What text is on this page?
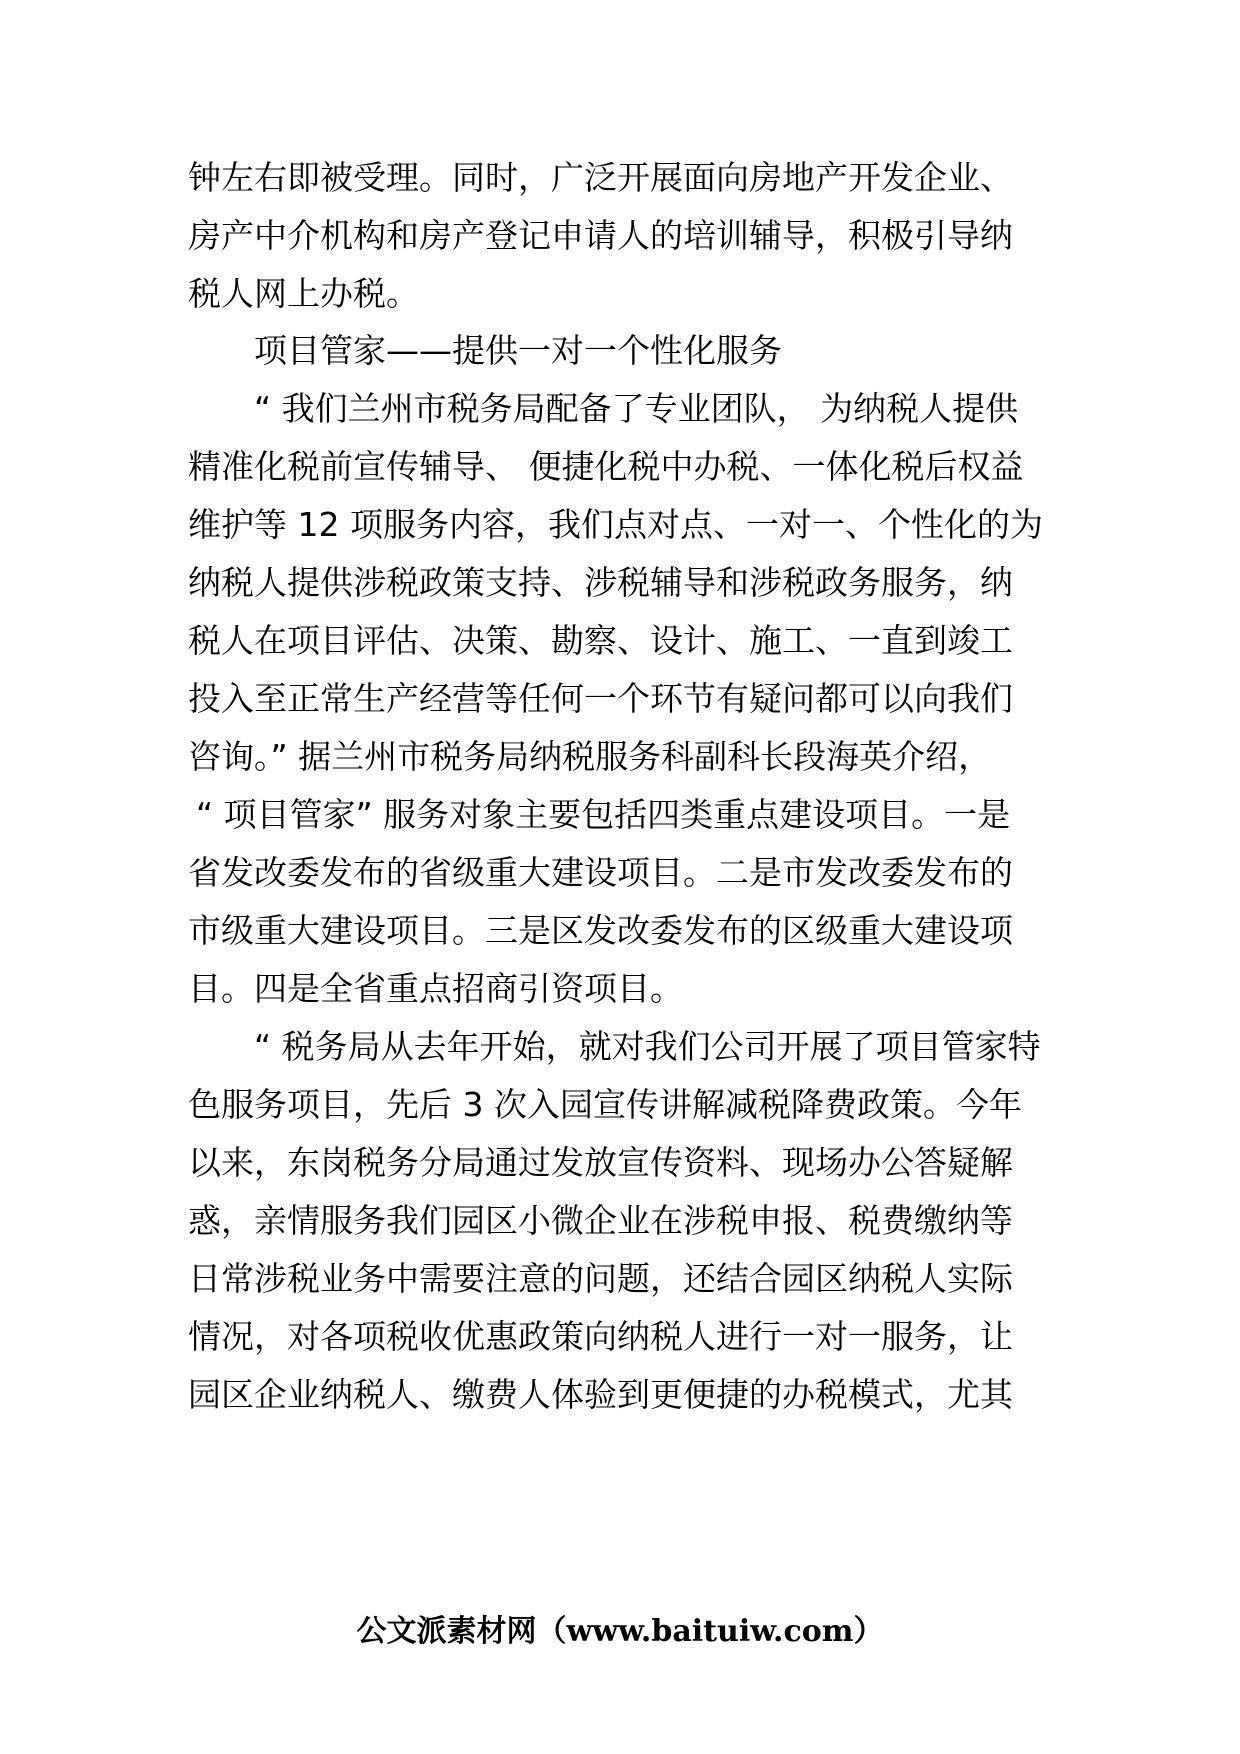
钟左右即被受理。同时，广泛开展面向房地产开发企业、
房产中介机构和房产登记申请人的培训辅导，积极引导纳
税人网上办税。
项目管家——提供一对一个性化服务
“ 我们兰州市税务局配备了专业团队， 为纳税人提供
精准化税前宣传辅导、 便捷化税中办税、一体化税后权益
维护等 12 项服务内容，我们点对点、一对一、个性化的为
纳税人提供涉税政策支持、涉税辅导和涉税政务服务，纳
税人在项目评估、决策、勘察、设计、施工、一直到竣工
投入至正常生产经营等任何一个环节有疑问都可以向我们
咨询。” 据兰州市税务局纳税服务科副科长段海英介绍，
“ 项目管家” 服务对象主要包括四类重点建设项目。一是
省发改委发布的省级重大建设项目。二是市发改委发布的
市级重大建设项目。三是区发改委发布的区级重大建设项
目。四是全省重点招商引资项目。
“ 税务局从去年开始，就对我们公司开展了项目管家特
色服务项目，先后 3 次入园宣传讲解减税降费政策。今年
以来，东岗税务分局通过发放宣传资料、现场办公答疑解
惑，亲情服务我们园区小微企业在涉税申报、税费缴纳等
日常涉税业务中需要注意的问题，还结合园区纳税人实际
情况，对各项税收优惠政策向纳税人进行一对一服务，让
园区企业纳税人、缴费人体验到更便捷的办税模式，尤其
公文派素材网（www.baituiw.com）
